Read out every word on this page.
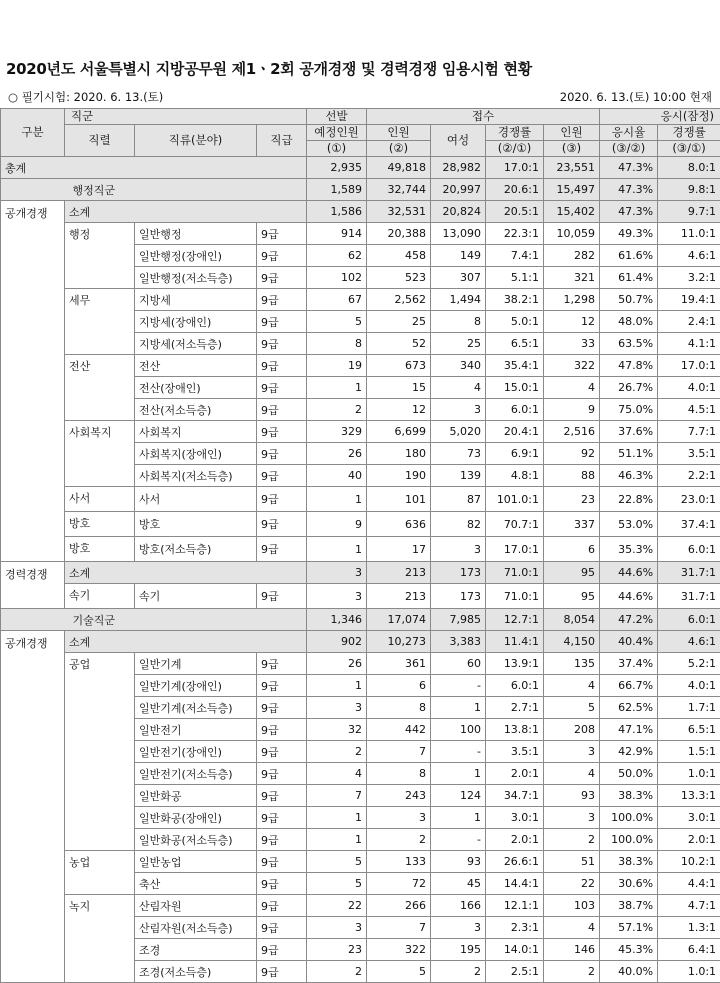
2020년도 서울특별시 지방공무원 제1ㆍ2회 공개경쟁 및 경력경쟁 임용시험 현황
○ 필기시험: 2020. 6. 13.(토)	2020. 6. 13.(토) 10:00 현재
구분	직군			선발	접수				응시(잠정)	
	직렬	직류(분야)	직급	예정인원	인원	여성	경쟁률	인원	응시율	경쟁률
				(①)	(②)		(②/①)	(③)	(③/②)	(③/①)
총계				2,935	49,818	28,982	17.0:1	23,551	47.3%	8.0:1
	행정직군			1,589	32,744	20,997	20.6:1	15,497	47.3%	9.8:1
공개경쟁	소계			1,586	32,531	20,824	20.5:1	15,402	47.3%	9.7:1
	행정	일반행정	9급	914	20,388	13,090	22.3:1	10,059	49.3%	11.0:1
		일반행정(장애인)	9급	62	458	149	7.4:1	282	61.6%	4.6:1
		일반행정(저소득층)	9급	102	523	307	5.1:1	321	61.4%	3.2:1
	세무	지방세	9급	67	2,562	1,494	38.2:1	1,298	50.7%	19.4:1
		지방세(장애인)	9급	5	25	8	5.0:1	12	48.0%	2.4:1
		지방세(저소득층)	9급	8	52	25	6.5:1	33	63.5%	4.1:1
	전산	전산	9급	19	673	340	35.4:1	322	47.8%	17.0:1
		전산(장애인)	9급	1	15	4	15.0:1	4	26.7%	4.0:1
		전산(저소득층)	9급	2	12	3	6.0:1	9	75.0%	4.5:1
	사회복지	사회복지	9급	329	6,699	5,020	20.4:1	2,516	37.6%	7.7:1
		사회복지(장애인)	9급	26	180	73	6.9:1	92	51.1%	3.5:1
		사회복지(저소득층)	9급	40	190	139	4.8:1	88	46.3%	2.2:1
	사서	사서	9급	1	101	87	101.0:1	23	22.8%	23.0:1
	방호	방호	9급	9	636	82	70.7:1	337	53.0%	37.4:1
	방호	방호(저소득층)	9급	1	17	3	17.0:1	6	35.3%	6.0:1
경력경쟁	소계			3	213	173	71.0:1	95	44.6%	31.7:1
	속기	속기	9급	3	213	173	71.0:1	95	44.6%	31.7:1
	기술직군			1,346	17,074	7,985	12.7:1	8,054	47.2%	6.0:1
공개경쟁	소계			902	10,273	3,383	11.4:1	4,150	40.4%	4.6:1
	공업	일반기계	9급	26	361	60	13.9:1	135	37.4%	5.2:1
		일반기계(장애인)	9급	1	6	-	6.0:1	4	66.7%	4.0:1
		일반기계(저소득층)	9급	3	8	1	2.7:1	5	62.5%	1.7:1
		일반전기	9급	32	442	100	13.8:1	208	47.1%	6.5:1
		일반전기(장애인)	9급	2	7	-	3.5:1	3	42.9%	1.5:1
		일반전기(저소득층)	9급	4	8	1	2.0:1	4	50.0%	1.0:1
		일반화공	9급	7	243	124	34.7:1	93	38.3%	13.3:1
		일반화공(장애인)	9급	1	3	1	3.0:1	3	100.0%	3.0:1
		일반화공(저소득층)	9급	1	2	-	2.0:1	2	100.0%	2.0:1
	농업	일반농업	9급	5	133	93	26.6:1	51	38.3%	10.2:1
		축산	9급	5	72	45	14.4:1	22	30.6%	4.4:1
	녹지	산림자원	9급	22	266	166	12.1:1	103	38.7%	4.7:1
		산림자원(저소득층)	9급	3	7	3	2.3:1	4	57.1%	1.3:1
		조경	9급	23	322	195	14.0:1	146	45.3%	6.4:1
		조경(저소득층)	9급	2	5	2	2.5:1	2	40.0%	1.0:1
